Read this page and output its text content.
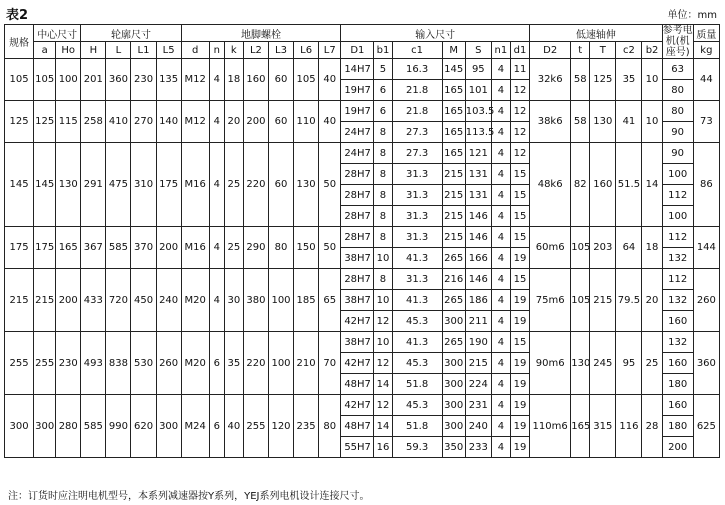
表2	单位：mm
规格	中心尺寸		轮廓尺寸				地脚螺栓							输入尺寸							低速轴伸					参考电机(机座号)	质量
	a	Ho	H	L	L1	L5	d	n	k	L2	L3	L6	L7	D1	b1	c1	M	S	n1	d1	D2	t	T	c2	b2		kg
105	105	100	201	360	230	135	M12	4	18	160	60	105	40	14H7	5	16.3	145	95	4	11	32k6	58	125	35	10	63	44
														19H7	6	21.8	165	101	4	12						80	
125	125	115	258	410	270	140	M12	4	20	200	60	110	40	19H7	6	21.8	165	103.5	4	12	38k6	58	130	41	10	80	73
														24H7	8	27.3	165	113.5	4	12						90	
145	145	130	291	475	310	175	M16	4	25	220	60	130	50	24H7	8	27.3	165	121	4	12	48k6	82	160	51.5	14	90	86
														28H7	8	31.3	215	131	4	15						100	
														28H7	8	31.3	215	131	4	15						112	
														28H7	8	31.3	215	146	4	15						100	
175	175	165	367	585	370	200	M16	4	25	290	80	150	50	28H7	8	31.3	215	146	4	15	60m6	105	203	64	18	112	144
														38H7	10	41.3	265	166	4	19						132	
215	215	200	433	720	450	240	M20	4	30	380	100	185	65	28H7	8	31.3	216	146	4	15	75m6	105	215	79.5	20	112	260
														38H7	10	41.3	265	186	4	19						132	
														42H7	12	45.3	300	211	4	19						160	
255	255	230	493	838	530	260	M20	6	35	220	100	210	70	38H7	10	41.3	265	190	4	15	90m6	130	245	95	25	132	360
														42H7	12	45.3	300	215	4	19						160	
														48H7	14	51.8	300	224	4	19						180	
300	300	280	585	990	620	300	M24	6	40	255	120	235	80	42H7	12	45.3	300	231	4	19	110m6	165	315	116	28	160	625
														48H7	14	51.8	300	240	4	19						180	
														55H7	16	59.3	350	233	4	19						200	
注：订货时应注明电机型号，本系列减速器按Y系列，YEJ系列电机设计连接尺寸。
